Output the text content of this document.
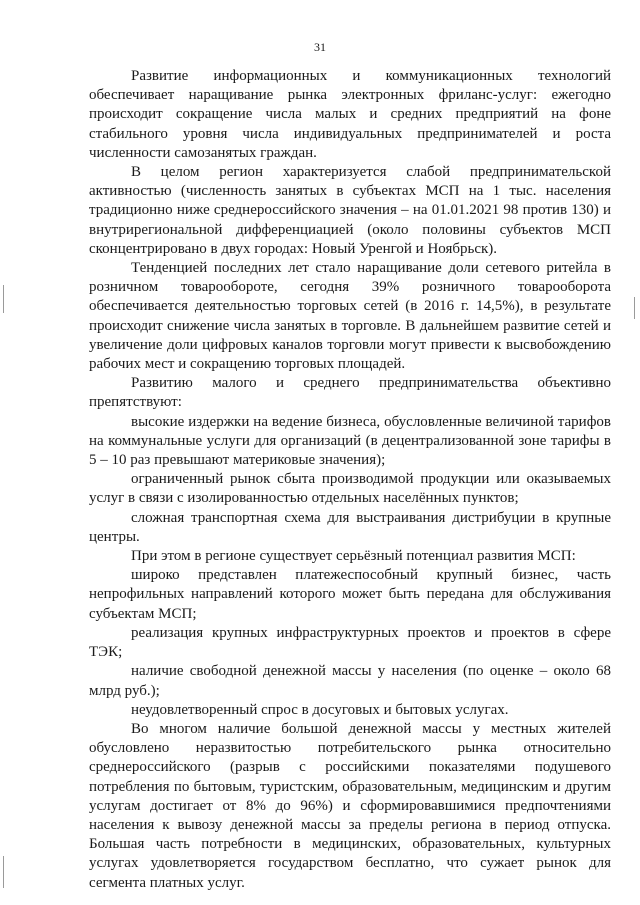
31

Развитие информационных и коммуникационных технологий обеспечивает наращивание рынка электронных фриланс-услуг: ежегодно происходит сокращение числа малых и средних предприятий на фоне стабильного уровня числа индивидуальных предпринимателей и роста численности самозанятых граждан.

В целом регион характеризуется слабой предпринимательской активностью (численность занятых в субъектах МСП на 1 тыс. населения традиционно ниже среднероссийского значения – на 01.01.2021 98 против 130) и внутрирегиональной дифференциацией (около половины субъектов МСП сконцентрировано в двух городах: Новый Уренгой и Ноябрьск).

Тенденцией последних лет стало наращивание доли сетевого ритейла в розничном товарообороте, сегодня 39% розничного товарооборота обеспечивается деятельностью торговых сетей (в 2016 г. 14,5%), в результате происходит снижение числа занятых в торговле. В дальнейшем развитие сетей и увеличение доли цифровых каналов торговли могут привести к высвобождению рабочих мест и сокращению торговых площадей.

Развитию малого и среднего предпринимательства объективно препятствуют:

высокие издержки на ведение бизнеса, обусловленные величиной тарифов на коммунальные услуги для организаций (в децентрализованной зоне тарифы в 5 – 10 раз превышают материковые значения);

ограниченный рынок сбыта производимой продукции или оказываемых услуг в связи с изолированностью отдельных населённых пунктов;

сложная транспортная схема для выстраивания дистрибуции в крупные центры.

При этом в регионе существует серьёзный потенциал развития МСП:

широко представлен платежеспособный крупный бизнес, часть непрофильных направлений которого может быть передана для обслуживания субъектам МСП;

реализация крупных инфраструктурных проектов и проектов в сфере ТЭК;

наличие свободной денежной массы у населения (по оценке – около 68 млрд руб.);

неудовлетворенный спрос в досуговых и бытовых услугах.

Во многом наличие большой денежной массы у местных жителей обусловлено неразвитостью потребительского рынка относительно среднероссийского (разрыв с российскими показателями подушевого потребления по бытовым, туристским, образовательным, медицинским и другим услугам достигает от 8% до 96%) и сформировавшимися предпочтениями населения к вывозу денежной массы за пределы региона в период отпуска. Большая часть потребности в медицинских, образовательных, культурных услугах удовлетворяется государством бесплатно, что сужает рынок для сегмента платных услуг.
